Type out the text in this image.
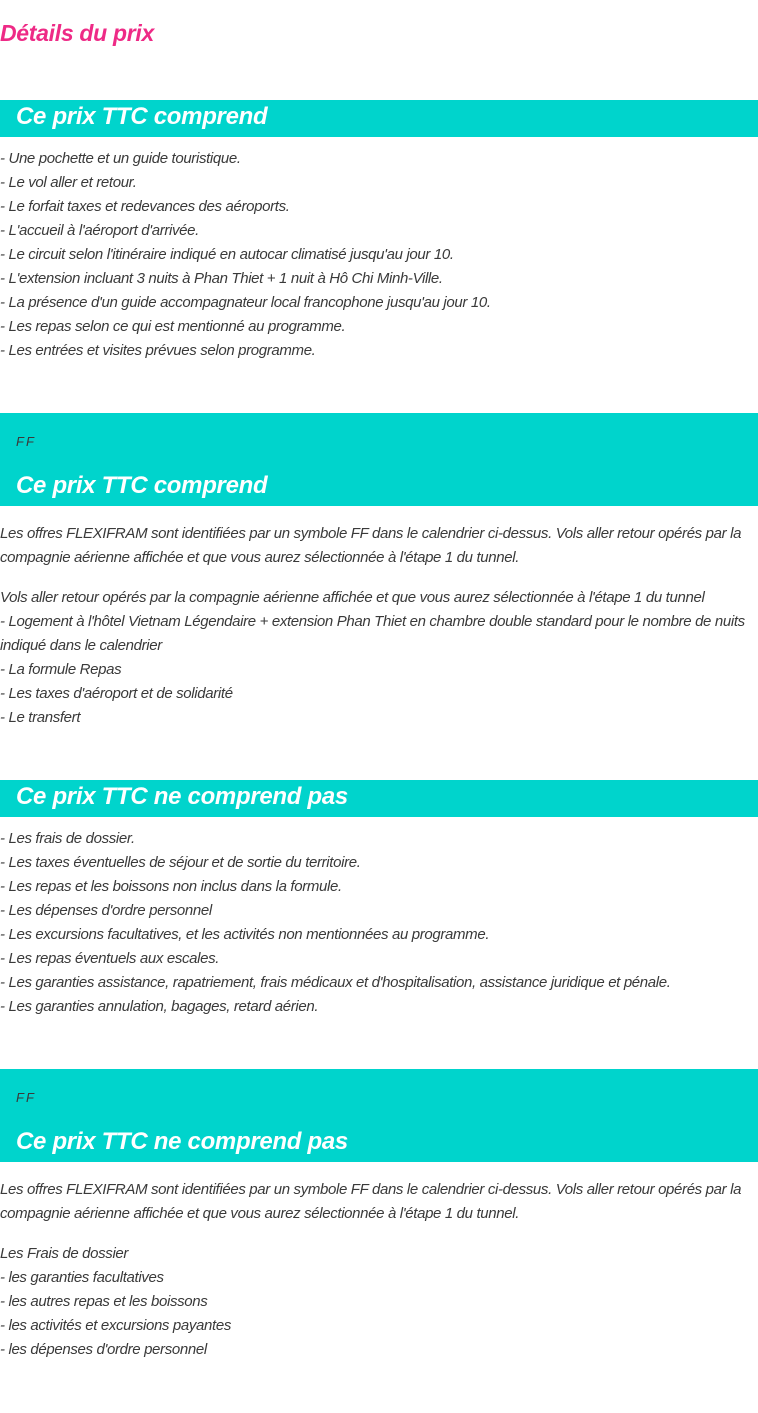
Détails du prix
Ce prix TTC comprend
- Une pochette et un guide touristique.
- Le vol aller et retour.
- Le forfait taxes et redevances des aéroports.
- L'accueil à l'aéroport d'arrivée.
- Le circuit selon l'itinéraire indiqué en autocar climatisé jusqu'au jour 10.
- L'extension incluant 3 nuits à Phan Thiet + 1 nuit à Hô Chi Minh-Ville.
- La présence d'un guide accompagnateur local francophone jusqu'au jour 10.
- Les repas selon ce qui est mentionné au programme.
- Les entrées et visites prévues selon programme.
FF
Ce prix TTC comprend
Les offres FLEXIFRAM sont identifiées par un symbole FF dans le calendrier ci-dessus. Vols aller retour opérés par la compagnie aérienne affichée et que vous aurez sélectionnée à l'étape 1 du tunnel.
Vols aller retour opérés par la compagnie aérienne affichée et que vous aurez sélectionnée à l'étape 1 du tunnel
- Logement à l'hôtel Vietnam Légendaire + extension Phan Thiet en chambre double standard pour le nombre de nuits indiqué dans le calendrier
- La formule Repas
- Les taxes d'aéroport et de solidarité
- Le transfert
Ce prix TTC ne comprend pas
- Les frais de dossier.
- Les taxes éventuelles de séjour et de sortie du territoire.
- Les repas et les boissons non inclus dans la formule.
- Les dépenses d'ordre personnel
- Les excursions facultatives, et les activités non mentionnées au programme.
- Les repas éventuels aux escales.
- Les garanties assistance, rapatriement, frais médicaux et d'hospitalisation, assistance juridique et pénale.
- Les garanties annulation, bagages, retard aérien.
FF
Ce prix TTC ne comprend pas
Les offres FLEXIFRAM sont identifiées par un symbole FF dans le calendrier ci-dessus. Vols aller retour opérés par la compagnie aérienne affichée et que vous aurez sélectionnée à l'étape 1 du tunnel.
Les Frais de dossier
- les garanties facultatives
- les autres repas et les boissons
- les activités et excursions payantes
- les dépenses d'ordre personnel
